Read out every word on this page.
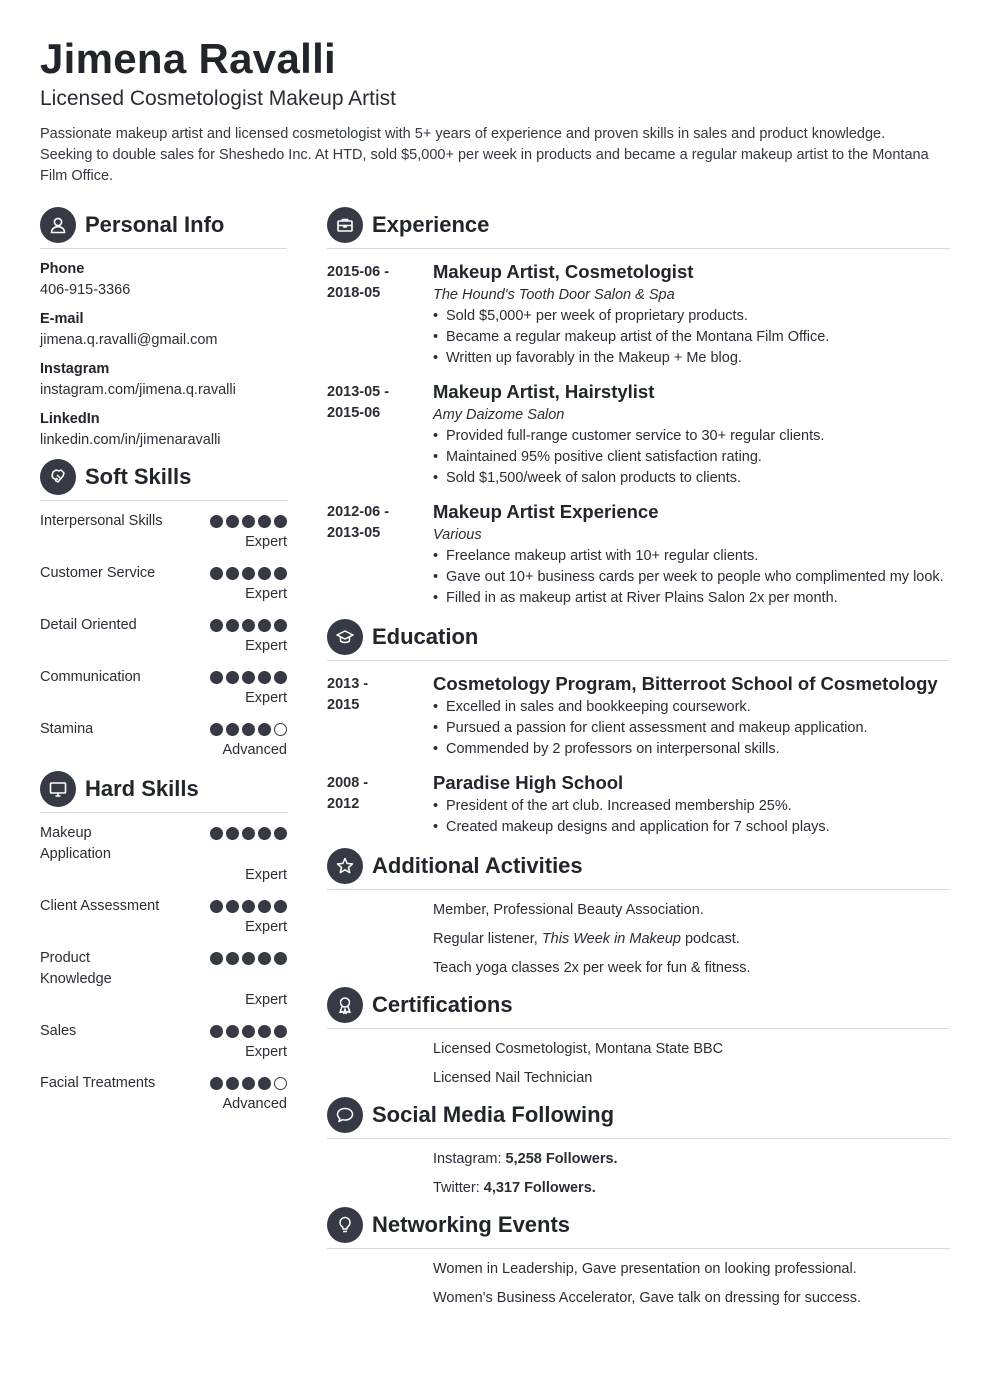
Jimena Ravalli
Licensed Cosmetologist Makeup Artist
Passionate makeup artist and licensed cosmetologist with 5+ years of experience and proven skills in sales and product knowledge. Seeking to double sales for Sheshedo Inc. At HTD, sold $5,000+ per week in products and became a regular makeup artist to the Montana Film Office.
Personal Info
Phone
406-915-3366
E-mail
jimena.q.ravalli@gmail.com
Instagram
instagram.com/jimena.q.ravalli
LinkedIn
linkedin.com/in/jimenaravalli
Soft Skills
Interpersonal Skills
Expert
Customer Service
Expert
Detail Oriented
Expert
Communication
Expert
Stamina
Advanced
Hard Skills
Makeup Application
Expert
Client Assessment
Expert
Product Knowledge
Expert
Sales
Expert
Facial Treatments
Advanced
Experience
2015-06 -
2018-05
Makeup Artist, Cosmetologist
The Hound's Tooth Door Salon & Spa
• Sold $5,000+ per week of proprietary products.
• Became a regular makeup artist of the Montana Film Office.
• Written up favorably in the Makeup + Me blog.
2013-05 -
2015-06
Makeup Artist, Hairstylist
Amy Daizome Salon
• Provided full-range customer service to 30+ regular clients.
• Maintained 95% positive client satisfaction rating.
• Sold $1,500/week of salon products to clients.
2012-06 -
2013-05
Makeup Artist Experience
Various
• Freelance makeup artist with 10+ regular clients.
• Gave out 10+ business cards per week to people who complimented my look.
• Filled in as makeup artist at River Plains Salon 2x per month.
Education
2013 -
2015
Cosmetology Program, Bitterroot School of Cosmetology
• Excelled in sales and bookkeeping coursework.
• Pursued a passion for client assessment and makeup application.
• Commended by 2 professors on interpersonal skills.
2008 -
2012
Paradise High School
• President of the art club. Increased membership 25%.
• Created makeup designs and application for 7 school plays.
Additional Activities
Member, Professional Beauty Association.
Regular listener, This Week in Makeup podcast.
Teach yoga classes 2x per week for fun & fitness.
Certifications
Licensed Cosmetologist, Montana State BBC
Licensed Nail Technician
Social Media Following
Instagram: 5,258 Followers.
Twitter: 4,317 Followers.
Networking Events
Women in Leadership, Gave presentation on looking professional.
Women's Business Accelerator, Gave talk on dressing for success.
